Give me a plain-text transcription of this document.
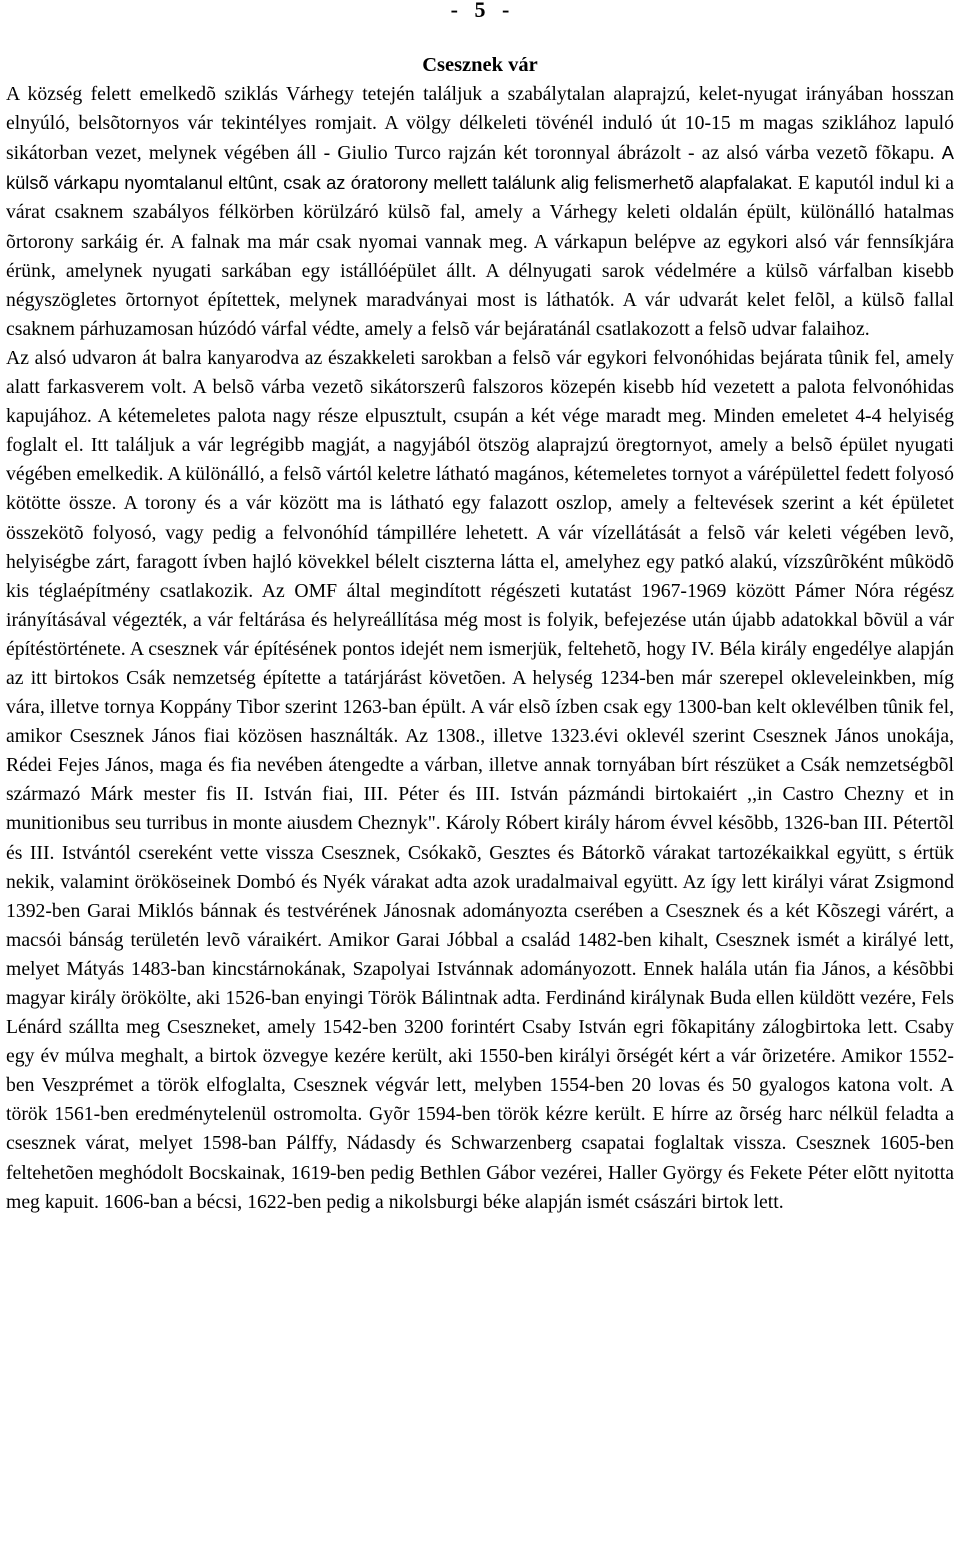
-   5   -
Csesznek vár

A község felett emelkedõ sziklás Várhegy tetején találjuk a szabálytalan alaprajzú, kelet-nyugat irányában hosszan elnyúló, belsõtornyos vár tekintélyes romjait. A völgy délkeleti tövénél induló út 10-15 m magas sziklához lapuló sikátorban vezet, melynek végében áll - Giulio Turco rajzán két toronnyal ábrázolt - az alsó várba vezetõ fõkapu. A külsõ várkapu nyomtalanul eltûnt, csak az óratorony mellett találunk alig felismerhetõ alapfalakat. E kaputól indul ki a várat csaknem szabályos félkörben körülzáró külsõ fal, amely a Várhegy keleti oldalán épült, különálló hatalmas õrtorony sarkáig ér. A falnak ma már csak nyomai vannak meg. A várkapun belépve az egykori alsó vár fennsíkjára érünk, amelynek nyugati sarkában egy istállóépület állt. A délnyugati sarok védelmére a külsõ várfalban kisebb négyszögletes õrtornyot építettek, melynek maradványai most is láthatók. A vár udvarát kelet felõl, a külsõ fallal csaknem párhuzamosan húzódó várfal védte, amely a felsõ vár bejáratánál csatlakozott a felsõ udvar falaihoz.

Az alsó udvaron át balra kanyarodva az északkeleti sarokban a felsõ vár egykori felvonóhidas bejárata tûnik fel, amely alatt farkasverem volt. A belsõ várba vezetõ sikátorszerû falszoros közepén kisebb híd vezetett a palota felvonóhidas kapujához. A kétemeletes palota nagy része elpusztult, csupán a két vége maradt meg. Minden emeletet 4-4 helyiség foglalt el. Itt találjuk a vár legrégibb magját, a nagyjából ötszög alaprajzú öregtornyot, amely a belsõ épület nyugati végében emelkedik. A különálló, a felsõ vártól keletre látható magános, kétemeletes tornyot a várépülettel fedett folyosó kötötte össze. A torony és a vár között ma is látható egy falazott oszlop, amely a feltevések szerint a két épületet összekötõ folyosó, vagy pedig a felvonóhíd támpillére lehetett. A vár vízellátását a felsõ vár keleti végében levõ, helyiségbe zárt, faragott ívben hajló kövekkel bélelt ciszterna látta el, amelyhez egy patkó alakú, vízszûrõként mûködõ kis téglaépítmény csatlakozik. Az OMF által megindított régészeti kutatást 1967-1969 között Pámer Nóra régész irányításával végezték, a vár feltárása és helyreállítása még most is folyik, befejezése után újabb adatokkal bõvül a vár építéstörténete. A csesznek vár építésének pontos idejét nem ismerjük, feltehetõ, hogy IV. Béla király engedélye alapján az itt birtokos Csák nemzetség építette a tatárjárást követõen. A helység 1234-ben már szerepel okleveleinkben, míg vára, illetve tornya Koppány Tibor szerint 1263-ban épült. A vár elsõ ízben csak egy 1300-ban kelt oklevélben tûnik fel, amikor Csesznek János fiai közösen használták. Az 1308., illetve 1323.évi oklevél szerint Csesznek János unokája, Rédei Fejes János, maga és fia nevében átengedte a várban, illetve annak tornyában bírt részüket a Csák nemzetségbõl származó Márk mester fis II. István fiai, III. Péter és III. István pázmándi birtokaiért ,,in Castro Chezny et in munitionibus seu turribus in monte aiusdem Cheznyk". Károly Róbert király három évvel késõbb, 1326-ban III. Pétertõl és III. Istvántól csereként vette vissza Csesznek, Csókakõ, Gesztes és Bátorkõ várakat tartozékaikkal együtt, s értük nekik, valamint örököseinek Dombó és Nyék várakat adta azok uradalmaival együtt. Az így lett királyi várat Zsigmond 1392-ben Garai Miklós bánnak és testvérének Jánosnak adományozta cserében a Csesznek és a két Kõszegi várért, a macsói bánság területén levõ váraikért. Amikor Garai Jóbbal a család 1482-ben kihalt, Csesznek ismét a királyé lett, melyet Mátyás 1483-ban kincstárnokának, Szapolyai Istvánnak adományozott. Ennek halála után fia János, a késõbbi magyar király örökölte, aki 1526-ban enyingi Török Bálintnak adta. Ferdinánd királynak Buda ellen küldött vezére, Fels Lénárd szállta meg Cseszneket, amely 1542-ben 3200 forintért Csaby István egri fõkapitány zálogbirtoka lett. Csaby egy év múlva meghalt, a birtok özvegye kezére került, aki 1550-ben királyi õrségét kért a vár õrizetére. Amikor 1552-ben Veszprémet a török elfoglalta, Csesznek végvár lett, melyben 1554-ben 20 lovas és 50 gyalogos katona volt. A török 1561-ben eredménytelenül ostromolta. Gyõr 1594-ben török kézre került. E hírre az õrség harc nélkül feladta a csesznek várat, melyet 1598-ban Pálffy, Nádasdy és Schwarzenberg csapatai foglaltak vissza. Csesznek 1605-ben feltehetõen meghódolt Bocskainak, 1619-ben pedig Bethlen Gábor vezérei, Haller György és Fekete Péter elõtt nyitotta meg kapuit. 1606-ban a bécsi, 1622-ben pedig a nikolsburgi béke alapján ismét császári birtok lett.
